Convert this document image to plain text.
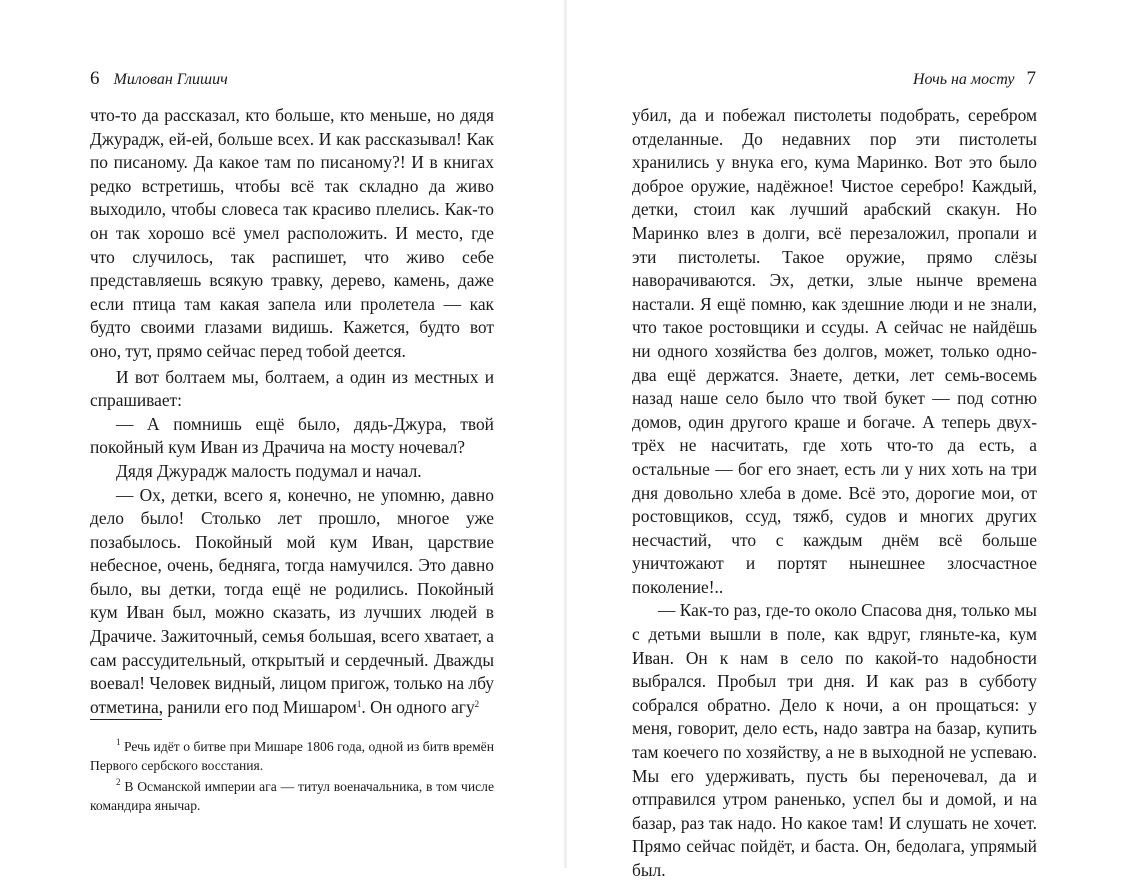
6 Милован Глишич

что-то да рассказал, кто больше, кто меньше, но дядя Джурадж, ей-ей, больше всех. И как рассказывал! Как по писаному. Да какое там по писаному?! И в книгах редко встретишь, чтобы всё так складно да живо выходило, чтобы словеса так красиво плелись. Как-то он так хорошо всё умел расположить. И место, где что случилось, так распишет, что живо себе представляешь всякую травку, дерево, камень, даже если птица там какая запела или пролетела — как будто своими глазами видишь. Кажется, будто вот оно, тут, прямо сейчас перед тобой деется.

И вот болтаем мы, болтаем, а один из местных и спрашивает:

— А помнишь ещё было, дядь-Джура, твой покойный кум Иван из Драчича на мосту ночевал?

Дядя Джурадж малость подумал и начал.

— Ох, детки, всего я, конечно, не упомню, давно дело было! Столько лет прошло, многое уже позабылось. Покойный мой кум Иван, царствие небесное, очень, бедняга, тогда намучился. Это давно было, вы детки, тогда ещё не родились. Покойный кум Иван был, можно сказать, из лучших людей в Драчиче. Зажиточный, семья большая, всего хватает, а сам рассудительный, открытый и сердечный. Дважды воевал! Человек видный, лицом пригож, только на лбу отметина, ранили его под Мишаром$^1$. Он одного агу$^2$

$^1$ Речь идёт о битве при Мишаре 1806 года, одной из битв времён Первого сербского восстания.

$^2$ В Османской империи ага — титул военачальника, в том числе командира янычар.

Ночь на мосту 7

убил, да и побежал пистолеты подобрать, серебром отделанные. До недавних пор эти пистолеты хранились у внука его, кума Маринко. Вот это было доброе оружие, надёжное! Чистое серебро! Каждый, детки, стоил как лучший арабский скакун. Но Маринко влез в долги, всё перезаложил, пропали и эти пистолеты. Такое оружие, прямо слёзы наворачиваются. Эх, детки, злые нынче времена настали. Я ещё помню, как здешние люди и не знали, что такое ростовщики и ссуды. А сейчас не найдёшь ни одного хозяйства без долгов, может, только одно-два ещё держатся. Знаете, детки, лет семь-восемь назад наше село было что твой букет — под сотню домов, один другого краше и богаче. А теперь двух-трёх не насчитать, где хоть что-то да есть, а остальные — бог его знает, есть ли у них хоть на три дня довольно хлеба в доме. Всё это, дорогие мои, от ростовщиков, ссуд, тяжб, судов и многих других несчастий, что с каждым днём всё больше уничтожают и портят нынешнее злосчастное поколение!..

— Как-то раз, где-то около Спасова дня, только мы с детьми вышли в поле, как вдруг, гляньте-ка, кум Иван. Он к нам в село по какой-то надобности выбрался. Пробыл три дня. И как раз в субботу собрался обратно. Дело к ночи, а он прощаться: у меня, говорит, дело есть, надо завтра на базар, купить там коечего по хозяйству, а не в выходной не успеваю. Мы его удерживать, пусть бы переночевал, да и отправился утром раненько, успел бы и домой, и на базар, раз так надо. Но какое там! И слушать не хочет. Прямо сейчас пойдёт, и баста. Он, бедолага, упрямый был.
